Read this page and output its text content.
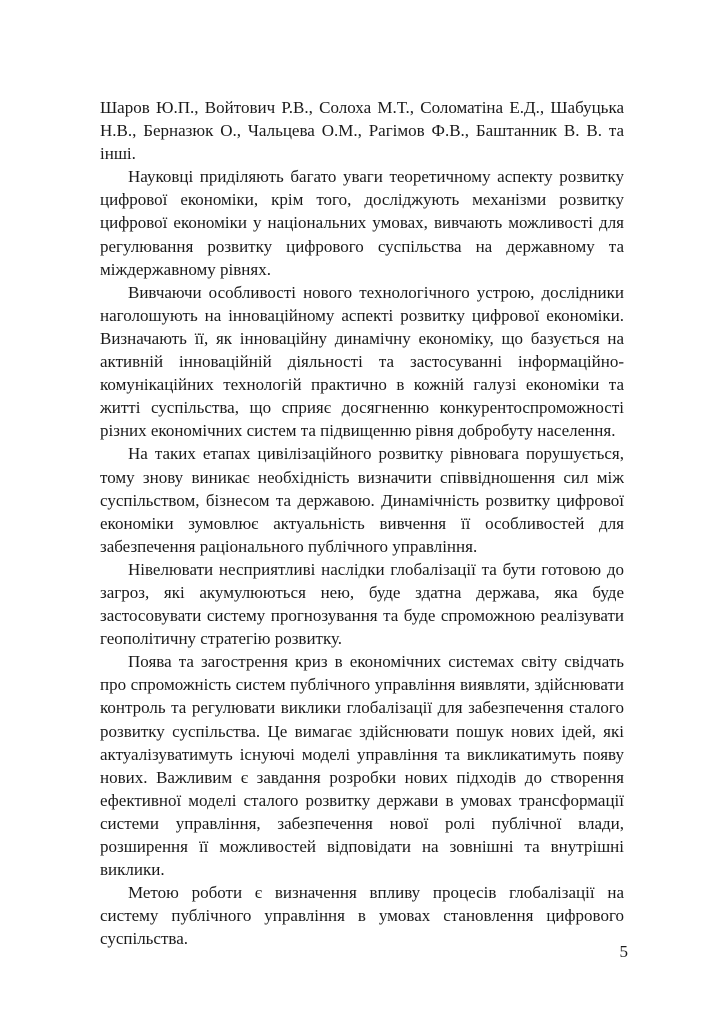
Шаров Ю.П., Войтович Р.В., Солоха М.Т., Соломатіна Е.Д., Шабуцька Н.В., Берназюк О., Чальцева О.М., Рагімов Ф.В., Баштанник В. В. та інші.

Науковці приділяють багато уваги теоретичному аспекту розвитку цифрової економіки, крім того, досліджують механізми розвитку цифрової економіки у національних умовах, вивчають можливості для регулювання розвитку цифрового суспільства на державному та міждержавному рівнях.

Вивчаючи особливості нового технологічного устрою, дослідники наголошують на інноваційному аспекті розвитку цифрової економіки. Визначають її, як інноваційну динамічну економіку, що базується на активній інноваційній діяльності та застосуванні інформаційно-комунікаційних технологій практично в кожній галузі економіки та житті суспільства, що сприяє досягненню конкурентоспроможності різних економічних систем та підвищенню рівня добробуту населення.

На таких етапах цивілізаційного розвитку рівновага порушується, тому знову виникає необхідність визначити співвідношення сил між суспільством, бізнесом та державою. Динамічність розвитку цифрової економіки зумовлює актуальність вивчення її особливостей для забезпечення раціонального публічного управління.

Нівелювати несприятливі наслідки глобалізації та бути готовою до загроз, які акумулюються нею, буде здатна держава, яка буде застосовувати систему прогнозування та буде спроможною реалізувати геополітичну стратегію розвитку.

Поява та загострення криз в економічних системах світу свідчать про спроможність систем публічного управління виявляти, здійснювати контроль та регулювати виклики глобалізації для забезпечення сталого розвитку суспільства. Це вимагає здійснювати пошук нових ідей, які актуалізуватимуть існуючі моделі управління та викликатимуть появу нових. Важливим є завдання розробки нових підходів до створення ефективної моделі сталого розвитку держави в умовах трансформації системи управління, забезпечення нової ролі публічної влади, розширення її можливостей відповідати на зовнішні та внутрішні виклики.

Метою роботи є визначення впливу процесів глобалізації на систему публічного управління в умовах становлення цифрового суспільства.

5
